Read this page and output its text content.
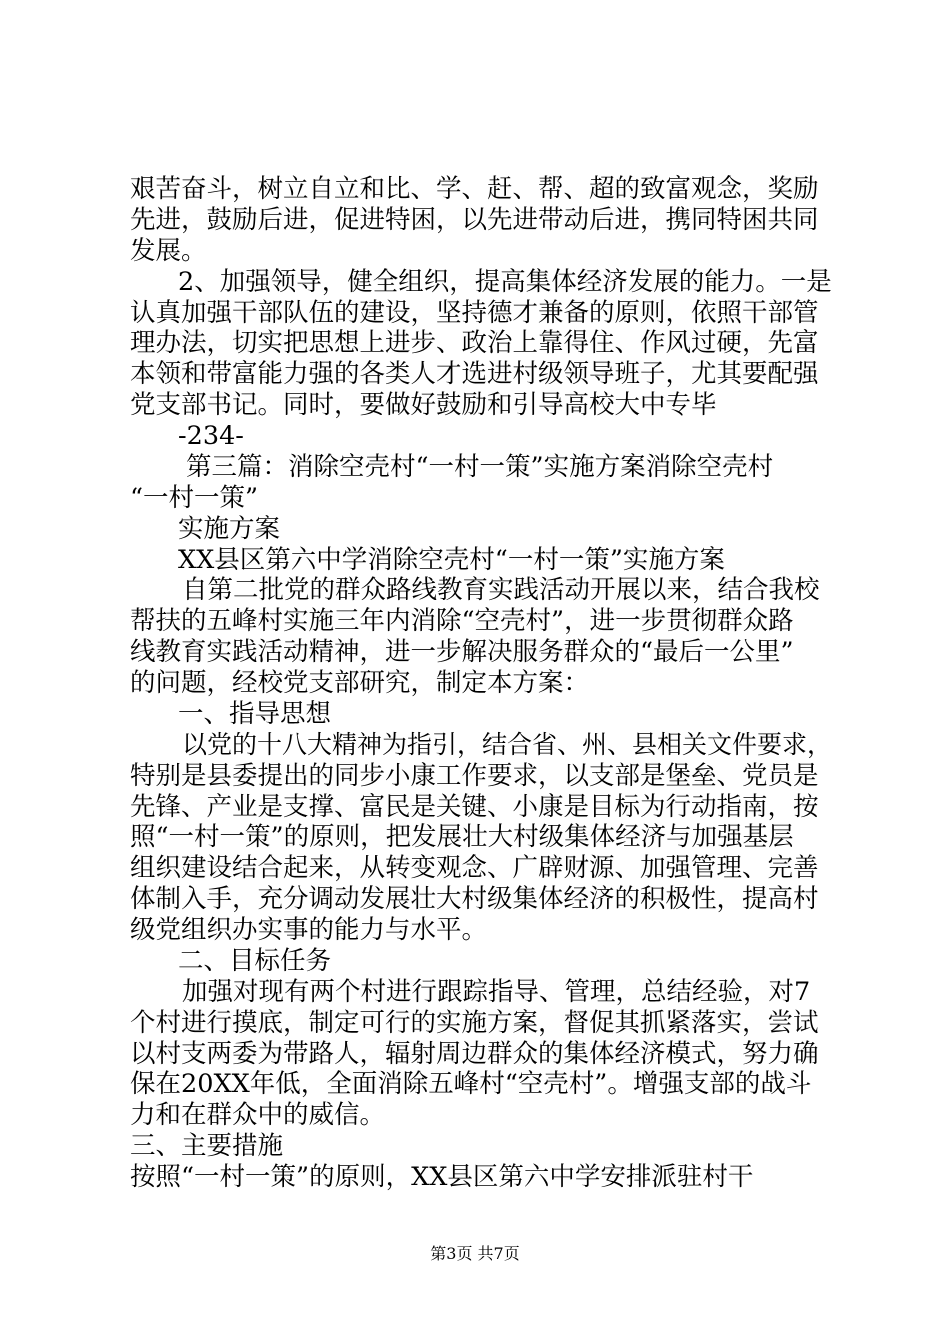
艰苦奋斗，树立自立和比、学、赶、帮、超的致富观念，奖励
先进，鼓励后进，促进特困，以先进带动后进，携同特困共同
发展。
2、加强领导，健全组织，提高集体经济发展的能力。一是
认真加强干部队伍的建设，坚持德才兼备的原则，依照干部管
理办法，切实把思想上进步、政治上靠得住、作风过硬，先富
本领和带富能力强的各类人才选进村级领导班子，尤其要配强
党支部书记。同时，要做好鼓励和引导高校大中专毕
-234-
第三篇：消除空壳村“一村一策”实施方案消除空壳村
“一村一策”
实施方案
XX县区第六中学消除空壳村“一村一策”实施方案
自第二批党的群众路线教育实践活动开展以来，结合我校
帮扶的五峰村实施三年内消除“空壳村”，进一步贯彻群众路
线教育实践活动精神，进一步解决服务群众的“最后一公里”
的问题，经校党支部研究，制定本方案：
一、指导思想
以党的十八大精神为指引，结合省、州、县相关文件要求，
特别是县委提出的同步小康工作要求，以支部是堡垒、党员是
先锋、产业是支撑、富民是关键、小康是目标为行动指南，按
照“一村一策”的原则，把发展壮大村级集体经济与加强基层
组织建设结合起来，从转变观念、广辟财源、加强管理、完善
体制入手，充分调动发展壮大村级集体经济的积极性，提高村
级党组织办实事的能力与水平。
二、目标任务
加强对现有两个村进行跟踪指导、管理，总结经验，对7
个村进行摸底，制定可行的实施方案，督促其抓紧落实，尝试
以村支两委为带路人，辐射周边群众的集体经济模式，努力确
保在20XX年低，全面消除五峰村“空壳村”。增强支部的战斗
力和在群众中的威信。
三、主要措施
按照“一村一策”的原则，XX县区第六中学安排派驻村干
第3页 共7页
